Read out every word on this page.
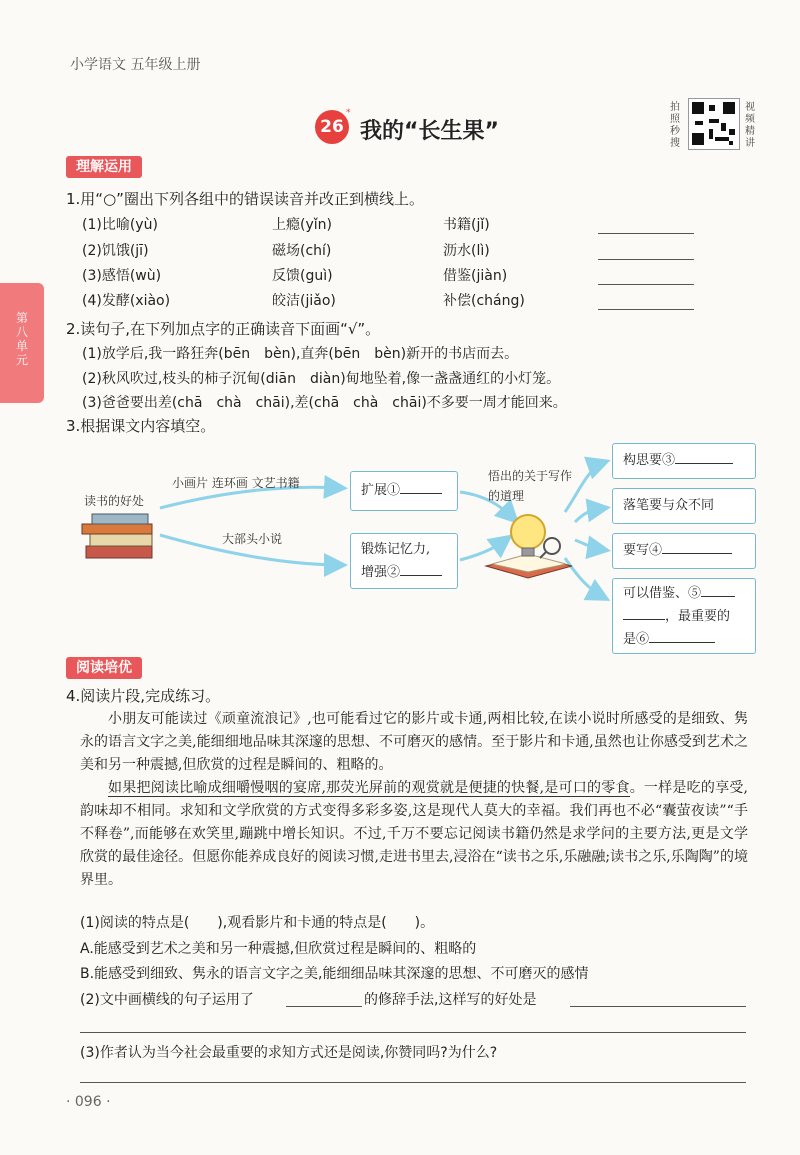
小学语文 五年级上册
26
*
我的“长生果”
拍照秒搜
视频精讲
第八单元
理解运用
1.用“○”圈出下列各组中的错误读音并改正到横线上。
(1)比喻(yù)	上瘾(yǐn)	书籍(jǐ)
(2)饥饿(jī)	磁场(chí)	沥水(lì)
(3)感悟(wù)	反馈(guì)	借鉴(jiàn)
(4)发酵(xiào)	皎洁(jiǎo)	补偿(cháng)
2.读句子,在下列加点字的正确读音下面画“√”。
(1)放学后,我一路狂奔(bēn　bèn),直奔(bēn　bèn)新开的书店而去。
(2)秋风吹过,枝头的柿子沉甸(diān　diàn)甸地坠着,像一盏盏通红的小灯笼。
(3)爸爸要出差(chā　chà　chāi),差(chā　chà　chāi)不多要一周才能回来。
3.根据课文内容填空。
读书的好处
小画片 连环画 文艺书籍
大部头小说
扩展①
锻炼记忆力,
增强②
悟出的关于写作的道理
构思要③
落笔要与众不同
要写④
可以借鉴、⑤
，最重要的
是⑥
阅读培优
4.阅读片段,完成练习。

小朋友可能读过《顽童流浪记》,也可能看过它的影片或卡通,两相比较,在读小说时所感受的是细致、隽永的语言文字之美,能细细地品味其深邃的思想、不可磨灭的感情。至于影片和卡通,虽然也让你感受到艺术之美和另一种震撼,但欣赏的过程是瞬间的、粗略的。

如果把阅读比喻成细嚼慢咽的宴席,那荧光屏前的观赏就是便捷的快餐,是可口的零食。一样是吃的享受,韵味却不相同。求知和文学欣赏的方式变得多彩多姿,这是现代人莫大的幸福。我们再也不必“囊萤夜读”“手不释卷”,而能够在欢笑里,蹦跳中增长知识。不过,千万不要忘记阅读书籍仍然是求学问的主要方法,更是文学欣赏的最佳途径。但愿你能养成良好的阅读习惯,走进书里去,浸浴在“读书之乐,乐融融;读书之乐,乐陶陶”的境界里。

(1)阅读的特点是(　　),观看影片和卡通的特点是(　　)。
A.能感受到艺术之美和另一种震撼,但欣赏过程是瞬间的、粗略的
B.能感受到细致、隽永的语言文字之美,能细细品味其深邃的思想、不可磨灭的感情
(2)文中画横线的句子运用了	的修辞手法,这样写的好处是
(3)作者认为当今社会最重要的求知方式还是阅读,你赞同吗?为什么?
· 096 ·
